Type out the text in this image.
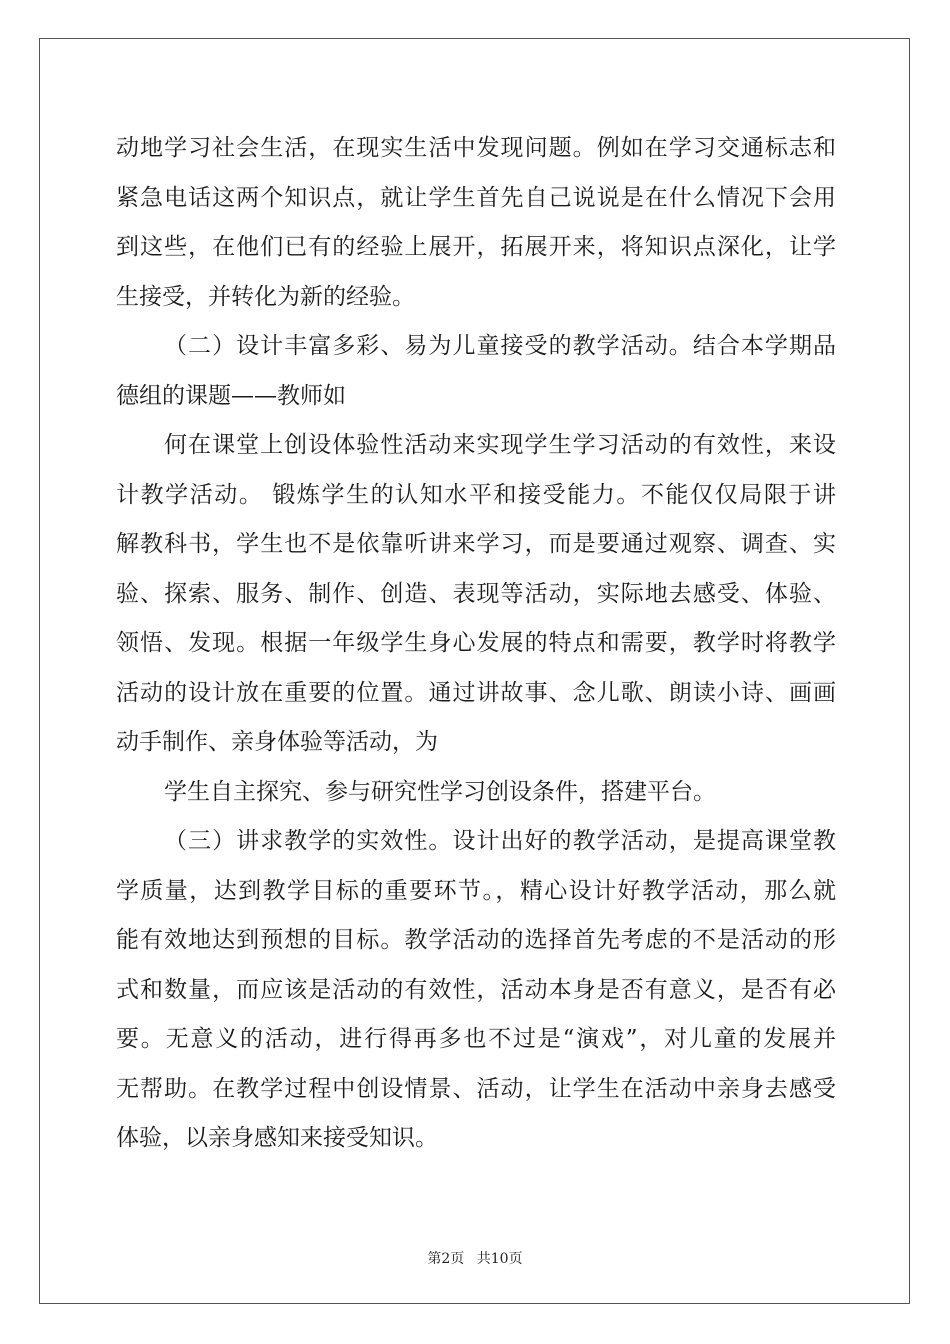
动地学习社会生活，在现实生活中发现问题。例如在学习交通标志和
紧急电话这两个知识点，就让学生首先自己说说是在什么情况下会用
到这些，在他们已有的经验上展开，拓展开来，将知识点深化，让学
生接受，并转化为新的经验。
（二）设计丰富多彩、易为儿童接受的教学活动。结合本学期品
德组的课题——教师如
何在课堂上创设体验性活动来实现学生学习活动的有效性，来设
计教学活动。 锻炼学生的认知水平和接受能力。不能仅仅局限于讲
解教科书，学生也不是依靠听讲来学习，而是要通过观察、调查、实
验、探索、服务、制作、创造、表现等活动，实际地去感受、体验、
领悟、发现。根据一年级学生身心发展的特点和需要，教学时将教学
活动的设计放在重要的位置。通过讲故事、念儿歌、朗读小诗、画画
动手制作、亲身体验等活动，为
学生自主探究、参与研究性学习创设条件，搭建平台。
（三）讲求教学的实效性。设计出好的教学活动，是提高课堂教
学质量，达到教学目标的重要环节。，精心设计好教学活动，那么就
能有效地达到预想的目标。教学活动的选择首先考虑的不是活动的形
式和数量，而应该是活动的有效性，活动本身是否有意义，是否有必
要。无意义的活动，进行得再多也不过是“演戏”，对儿童的发展并
无帮助。在教学过程中创设情景、活动，让学生在活动中亲身去感受
体验，以亲身感知来接受知识。
第2页 共10页
